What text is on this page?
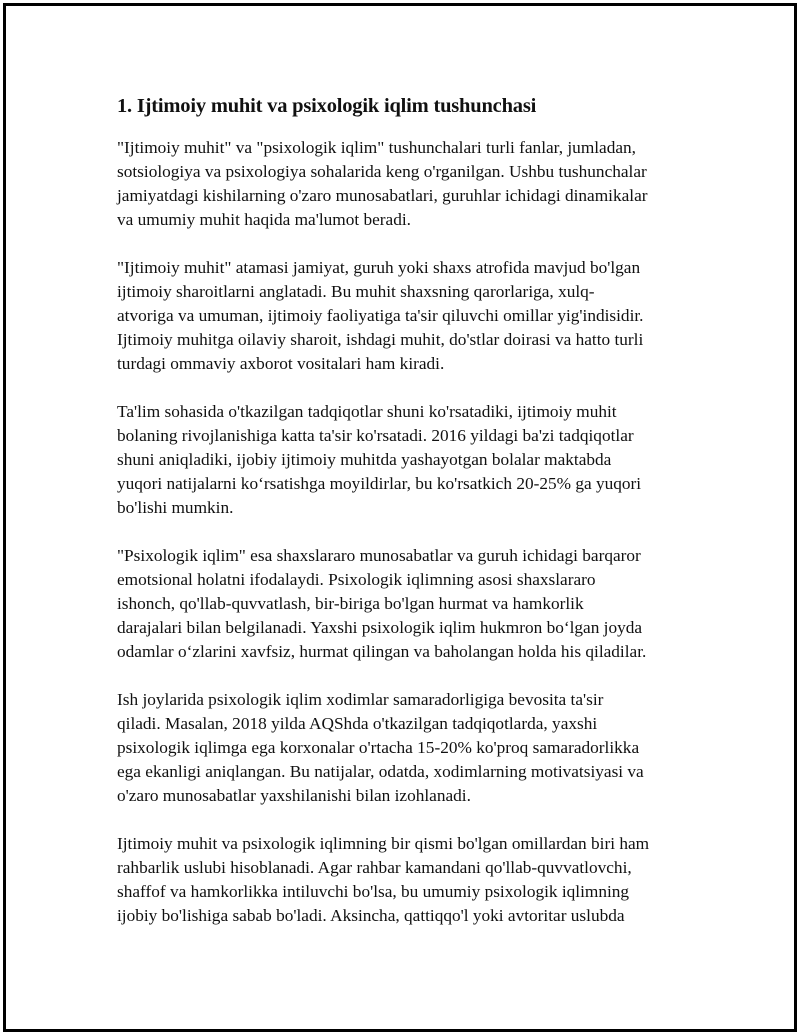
1. Ijtimoiy muhit va psixologik iqlim tushunchasi

"Ijtimoiy muhit" va "psixologik iqlim" tushunchalari turli fanlar, jumladan,
sotsiologiya va psixologiya sohalarida keng o'rganilgan. Ushbu tushunchalar
jamiyatdagi kishilarning o'zaro munosabatlari, guruhlar ichidagi dinamikalar
va umumiy muhit haqida ma'lumot beradi.

"Ijtimoiy muhit" atamasi jamiyat, guruh yoki shaxs atrofida mavjud bo'lgan
ijtimoiy sharoitlarni anglatadi. Bu muhit shaxsning qarorlariga, xulq-
atvoriga va umuman, ijtimoiy faoliyatiga ta'sir qiluvchi omillar yig'indisidir.
Ijtimoiy muhitga oilaviy sharoit, ishdagi muhit, do'stlar doirasi va hatto turli
turdagi ommaviy axborot vositalari ham kiradi.

Ta'lim sohasida o'tkazilgan tadqiqotlar shuni ko'rsatadiki, ijtimoiy muhit
bolaning rivojlanishiga katta ta'sir ko'rsatadi. 2016 yildagi ba'zi tadqiqotlar
shuni aniqladiki, ijobiy ijtimoiy muhitda yashayotgan bolalar maktabda
yuqori natijalarni ko‘rsatishga moyildirlar, bu ko'rsatkich 20-25% ga yuqori
bo'lishi mumkin.

"Psixologik iqlim" esa shaxslararo munosabatlar va guruh ichidagi barqaror
emotsional holatni ifodalaydi. Psixologik iqlimning asosi shaxslararo
ishonch, qo'llab-quvvatlash, bir-biriga bo'lgan hurmat va hamkorlik
darajalari bilan belgilanadi. Yaxshi psixologik iqlim hukmron bo‘lgan joyda
odamlar o‘zlarini xavfsiz, hurmat qilingan va baholangan holda his qiladilar.

Ish joylarida psixologik iqlim xodimlar samaradorligiga bevosita ta'sir
qiladi. Masalan, 2018 yilda AQShda o'tkazilgan tadqiqotlarda, yaxshi
psixologik iqlimga ega korxonalar o'rtacha 15-20% ko'proq samaradorlikka
ega ekanligi aniqlangan. Bu natijalar, odatda, xodimlarning motivatsiyasi va
o'zaro munosabatlar yaxshilanishi bilan izohlanadi.

Ijtimoiy muhit va psixologik iqlimning bir qismi bo'lgan omillardan biri ham
rahbarlik uslubi hisoblanadi. Agar rahbar kamandani qo'llab-quvvatlovchi,
shaffof va hamkorlikka intiluvchi bo'lsa, bu umumiy psixologik iqlimning
ijobiy bo'lishiga sabab bo'ladi. Aksincha, qattiqqo'l yoki avtoritar uslubda
